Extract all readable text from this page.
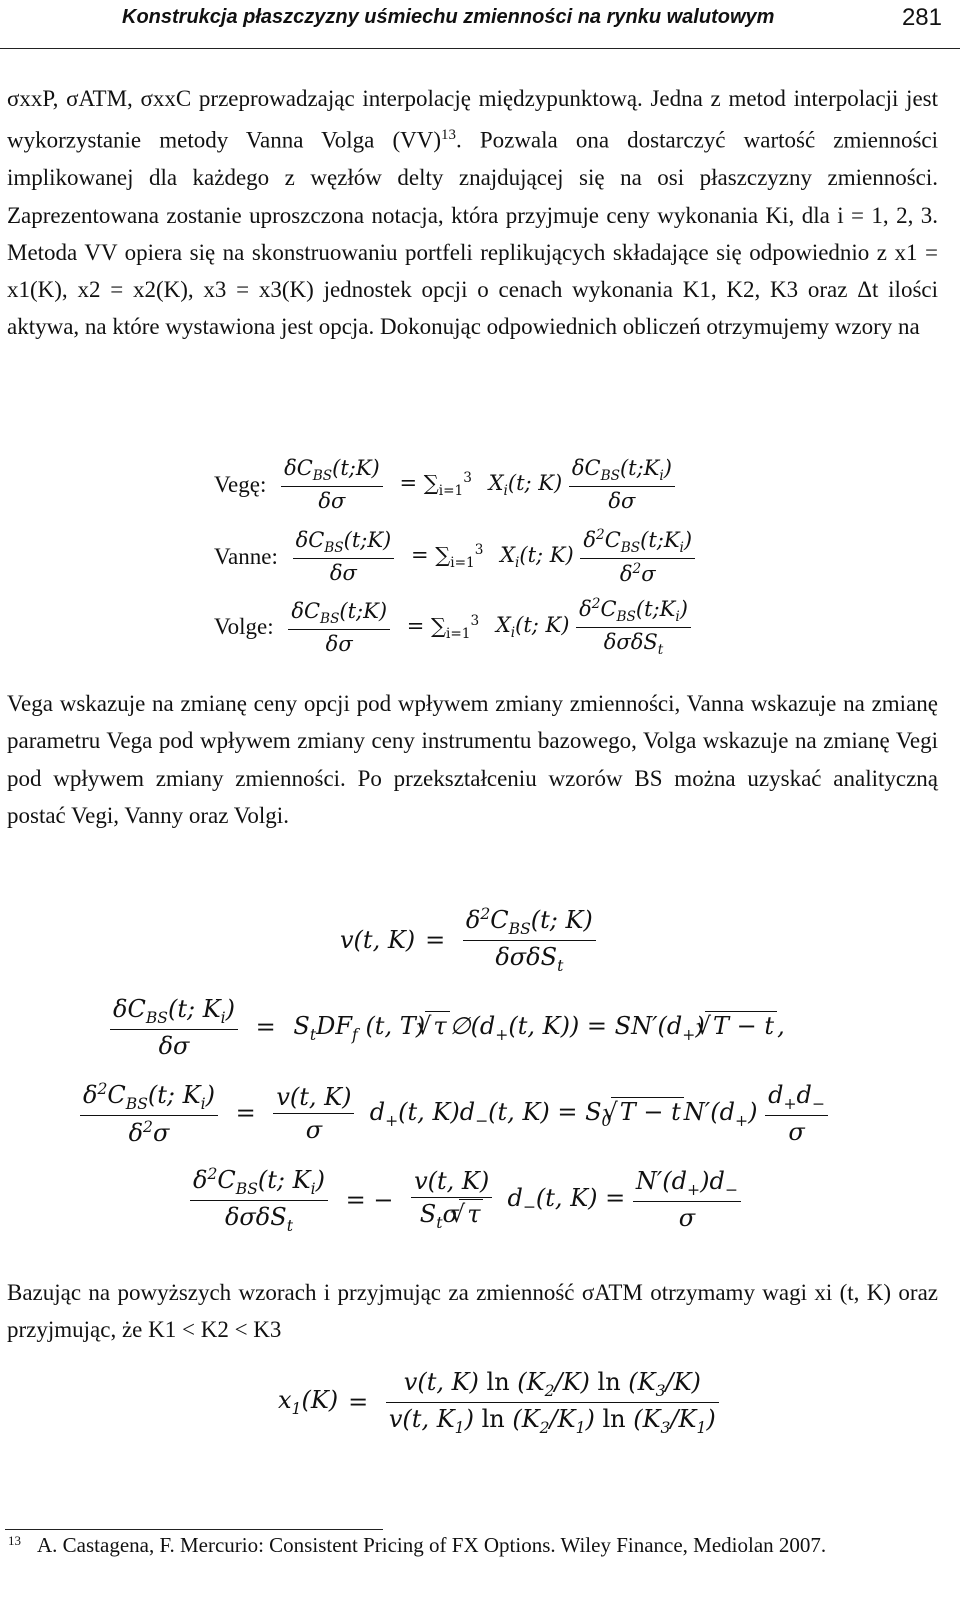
Konstrukcja płaszczyzny uśmiechu zmienności na rynku walutowym	281
σxxP, σATM, σxxC przeprowadzając interpolację międzypunktową. Jedna z metod interpolacji jest wykorzystanie metody Vanna Volga (VV)$^{13}$. Pozwala ona dostarczyć wartość zmienności implikowanej dla każdego z węzłów delty znajdującej się na osi płaszczyzny zmienności. Zaprezentowana zostanie uproszczona notacja, która przyjmuje ceny wykonania Ki, dla i = 1, 2, 3. Metoda VV opiera się na skonstruowaniu portfeli replikujących składające się odpowiednio z x1 = x1(K), x2 = x2(K), x3 = x3(K) jednostek opcji o cenach wykonania K1, K2, K3 oraz Δt ilości aktywa, na które wystawiona jest opcja. Dokonując odpowiednich obliczeń otrzymujemy wzory na
Vegę: $\frac{\delta C_{BS}(t;K)}{\delta\sigma} = \sum_{i=1}^3$ $X_i(t$; $K) \frac{\delta C_{BS}(t;K_i)}{\delta\sigma}$
Vanne: $\frac{\delta C_{BS}(t;K)}{\delta\sigma} = \sum_{i=1}^3$ $X_i(t$; $K) \frac{\delta^2C_{BS}(t;K_i)}{\delta^2\sigma}$
Volge: $\frac{\delta C_{BS}(t;K)}{\delta\sigma} = \sum_{i=1}^3$ $X_i(t$; $K) \frac{\delta^2C_{BS}(t;K_i)}{\delta\sigma\delta S_t}$
Vega wskazuje na zmianę ceny opcji pod wpływem zmiany zmienności, Vanna wskazuje na zmianę parametru Vega pod wpływem zmiany ceny instrumentu bazowego, Volga wskazuje na zmianę Vegi pod wpływem zmiany zmienności. Po przekształceniu wzorów BS można uzyskać analityczną postać Vegi, Vanny oraz Volgi.
v(t, $K) = \frac{\delta^2C_{BS}(t; K)}{\delta\sigma\delta S_t}$
$\frac{\delta C_{BS}(t; K_i)}{\delta\sigma} = S_tDF_f$ (t, T)√ τ $\emptyset(d_+(t$, $K)) = SN'(d_+)√$ T − t ,
$\frac{\delta^2C_{BS}(t; K_i)}{\delta^2\sigma} = \frac{v(t, K)}{\sigma} d_+(t$, $K)d_-(t$, $K) = S_0√$ T − t $N'(d_+) \frac{d_+d_-}{\sigma}$
$\frac{\delta^2C_{BS}(t; K_i)}{\delta\sigma\delta S_t}$ = − $\frac{v(t, K)}{S_t\sigma√ \tau} d_-(t$, $K) = \frac{N'(d_+)d_-}{\sigma}$
Bazując na powyższych wzorach i przyjmując za zmienność σATM otrzymamy wagi xi (t, K) oraz przyjmując, że K1 < K2 < K3
$x_1(K) = \frac{v(t, K) \ln (K_2/K) \ln (K_3/K)}{v(t, K_1) \ln (K_2/K_1) \ln (K_3/K_1)}$
$^{13}$ A. Castagena, F. Mercurio: Consistent Pricing of FX Options. Wiley Finance, Mediolan 2007.
